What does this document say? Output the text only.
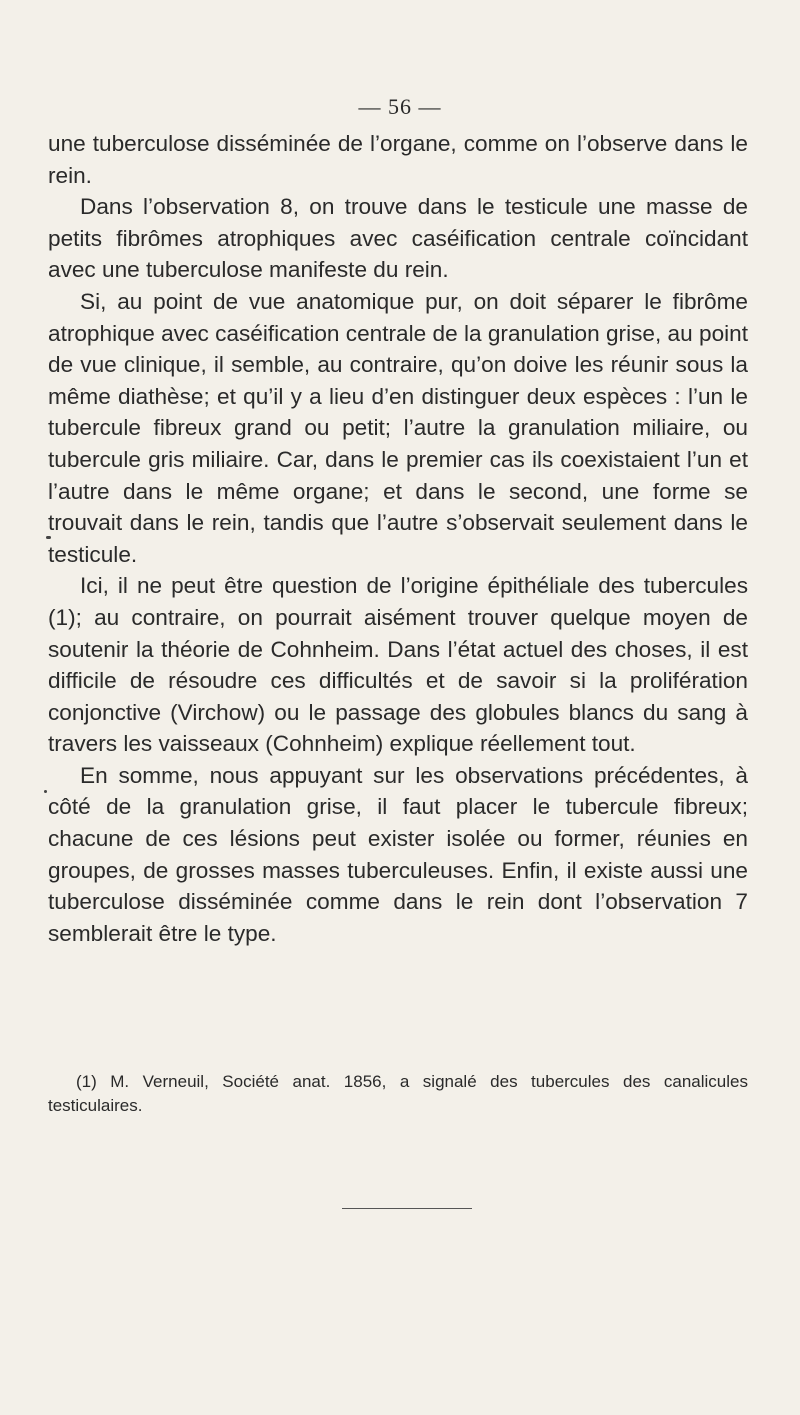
— 56 —

une tuberculose disséminée de l’organe, comme on l’observe dans le rein.

Dans l’observation 8, on trouve dans le testicule une masse de petits fibrômes atrophiques avec caséification centrale coïncidant avec une tuberculose manifeste du rein.

Si, au point de vue anatomique pur, on doit séparer le fibrôme atrophique avec caséification centrale de la granulation grise, au point de vue clinique, il semble, au contraire, qu’on doive les réunir sous la même diathèse; et qu’il y a lieu d’en distinguer deux espèces : l’un le tubercule fibreux grand ou petit; l’autre la granulation miliaire, ou tubercule gris miliaire. Car, dans le premier cas ils coexistaient l’un et l’autre dans le même organe; et dans le second, une forme se trouvait dans le rein, tandis que l’autre s’observait seulement dans le testicule.

Ici, il ne peut être question de l’origine épithéliale des tubercules (1); au contraire, on pourrait aisément trouver quelque moyen de soutenir la théorie de Cohnheim. Dans l’état actuel des choses, il est difficile de résoudre ces difficultés et de savoir si la prolifération conjonctive (Virchow) ou le passage des globules blancs du sang à travers les vaisseaux (Cohnheim) explique réellement tout.

En somme, nous appuyant sur les observations précédentes, à côté de la granulation grise, il faut placer le tubercule fibreux; chacune de ces lésions peut exister isolée ou former, réunies en groupes, de grosses masses tuberculeuses. Enfin, il existe aussi une tuberculose disséminée comme dans le rein dont l’observation 7 semblerait être le type.

(1) M. Verneuil, Société anat. 1856, a signalé des tubercules des canalicules testiculaires.
